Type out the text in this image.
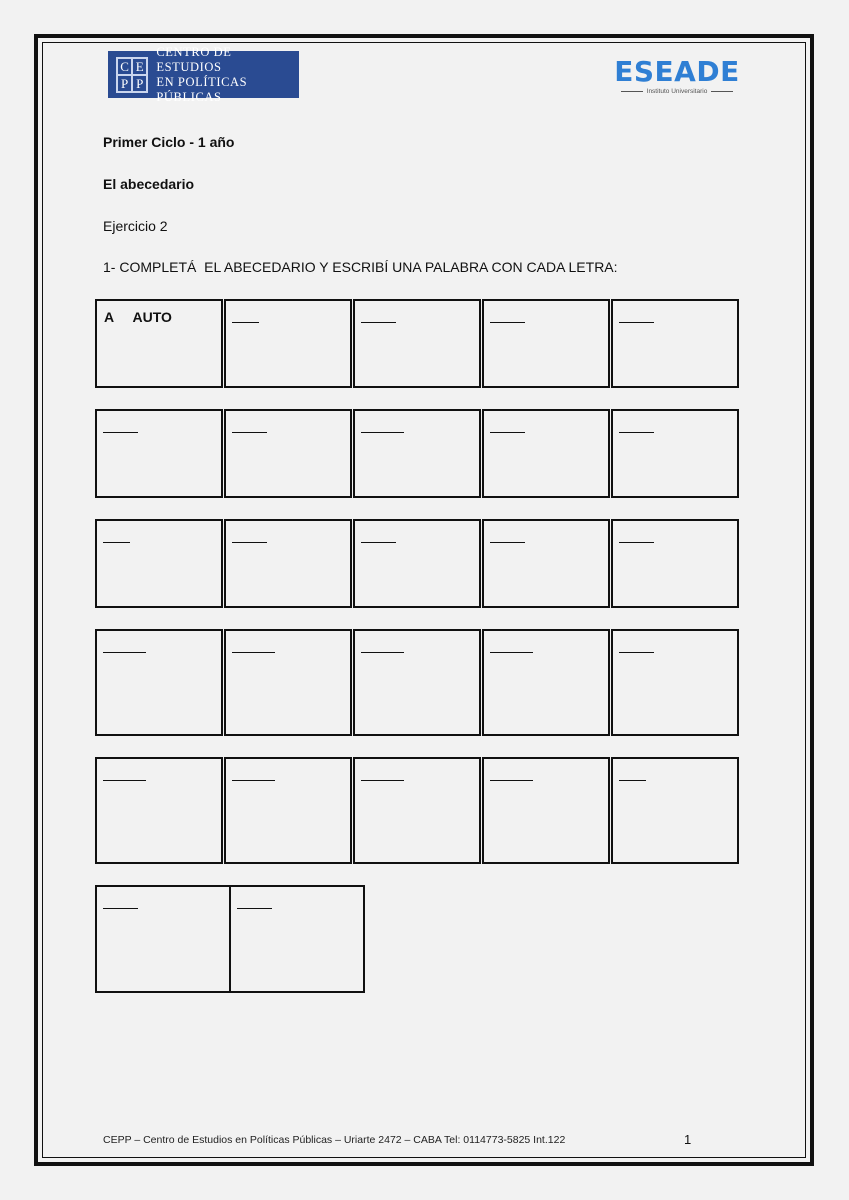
C E
P P
CENTRO DE ESTUDIOS
EN POLÍTICAS PÚBLICAS
ESEADE
Instituto Universitario
Primer Ciclo - 1 año
El abecedario
Ejercicio 2
1- COMPLETÁ  EL ABECEDARIO Y ESCRIBÍ UNA PALABRA CON CADA LETRA:
A     AUTO
CEPP – Centro de Estudios en Políticas Públicas – Uriarte 2472 – CABA Tel: 0114773-5825 Int.122	1
